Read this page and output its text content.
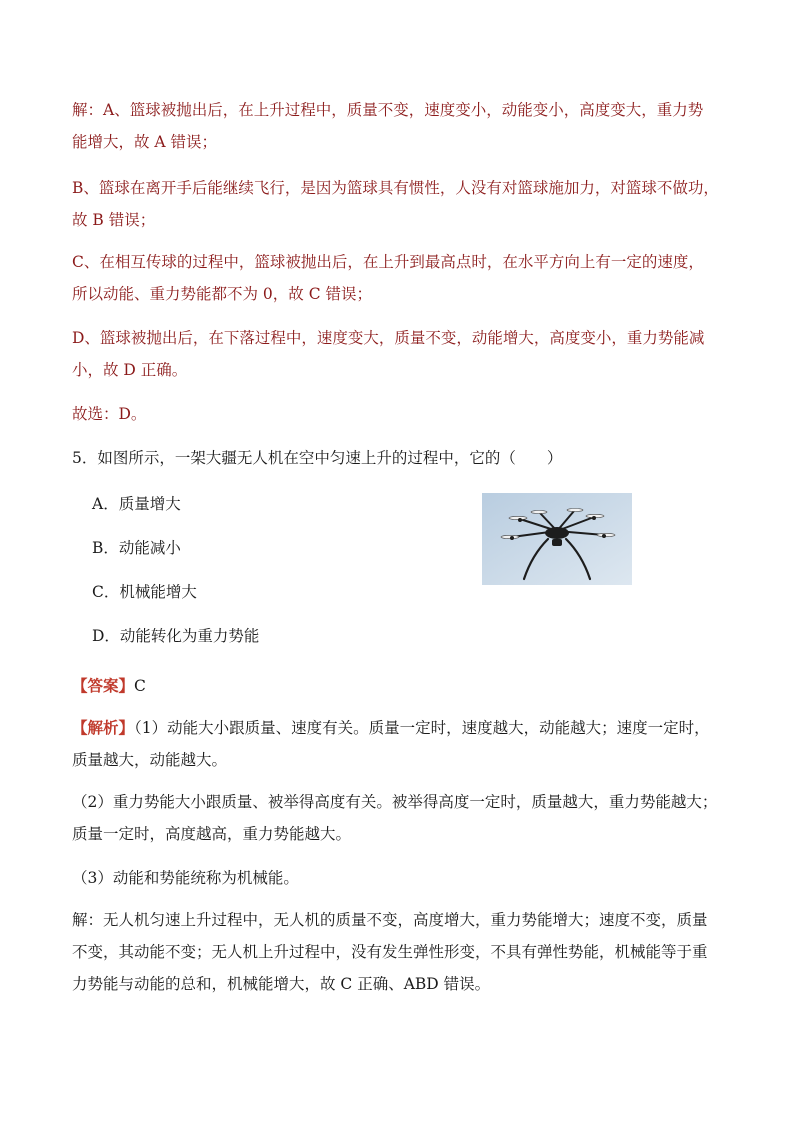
解：A、篮球被抛出后，在上升过程中，质量不变，速度变小，动能变小，高度变大，重力势

能增大，故 A 错误；

B、篮球在离开手后能继续飞行，是因为篮球具有惯性，人没有对篮球施加力，对篮球不做功，

故 B 错误；

C、在相互传球的过程中，篮球被抛出后，在上升到最高点时，在水平方向上有一定的速度，

所以动能、重力势能都不为 0，故 C 错误；

D、篮球被抛出后，在下落过程中，速度变大，质量不变，动能增大，高度变小，重力势能减

小，故 D 正确。

故选：D。

5．如图所示，一架大疆无人机在空中匀速上升的过程中，它的（　　）

A．质量增大
B．动能减小
C．机械能增大
D．动能转化为重力势能

【答案】C

【解析】（1）动能大小跟质量、速度有关。质量一定时，速度越大，动能越大；速度一定时，

质量越大，动能越大。

（2）重力势能大小跟质量、被举得高度有关。被举得高度一定时，质量越大，重力势能越大；

质量一定时，高度越高，重力势能越大。

（3）动能和势能统称为机械能。

解：无人机匀速上升过程中，无人机的质量不变，高度增大，重力势能增大；速度不变，质量

不变，其动能不变；无人机上升过程中，没有发生弹性形变，不具有弹性势能，机械能等于重

力势能与动能的总和，机械能增大，故 C 正确、ABD 错误。
